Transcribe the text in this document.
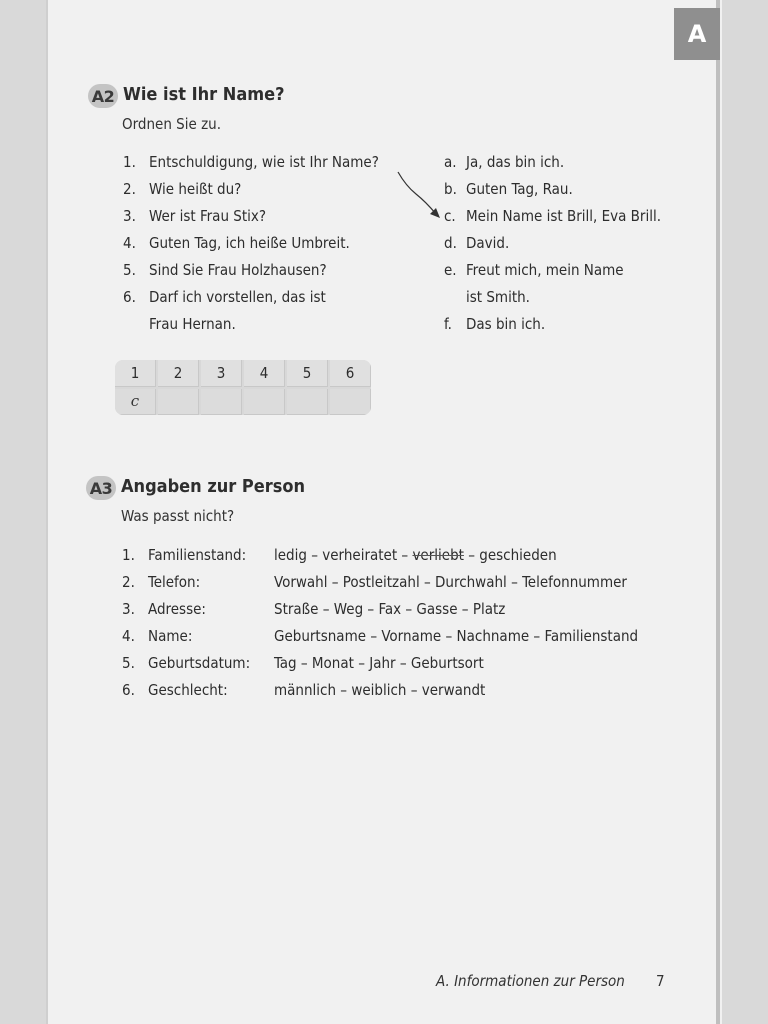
A
A2 Wie ist Ihr Name?
Ordnen Sie zu.
1. Entschuldigung, wie ist Ihr Name?
2. Wie heißt du?
3. Wer ist Frau Stix?
4. Guten Tag, ich heiße Umbreit.
5. Sind Sie Frau Holzhausen?
6. Darf ich vorstellen, das ist
Frau Hernan.
a. Ja, das bin ich.
b. Guten Tag, Rau.
c. Mein Name ist Brill, Eva Brill.
d. David.
e. Freut mich, mein Name
ist Smith.
f. Das bin ich.
1	2	3	4	5	6
c
A3 Angaben zur Person
Was passt nicht?
1. Familienstand: ledig – verheiratet – verliebt – geschieden
2. Telefon:	Vorwahl – Postleitzahl – Durchwahl – Telefonnummer
3. Adresse:	Straße – Weg – Fax – Gasse – Platz
4. Name:	Geburtsname – Vorname – Nachname – Familienstand
5. Geburtsdatum: Tag – Monat – Jahr – Geburtsort
6. Geschlecht:	männlich – weiblich – verwandt
A. Informationen zur Person 7
